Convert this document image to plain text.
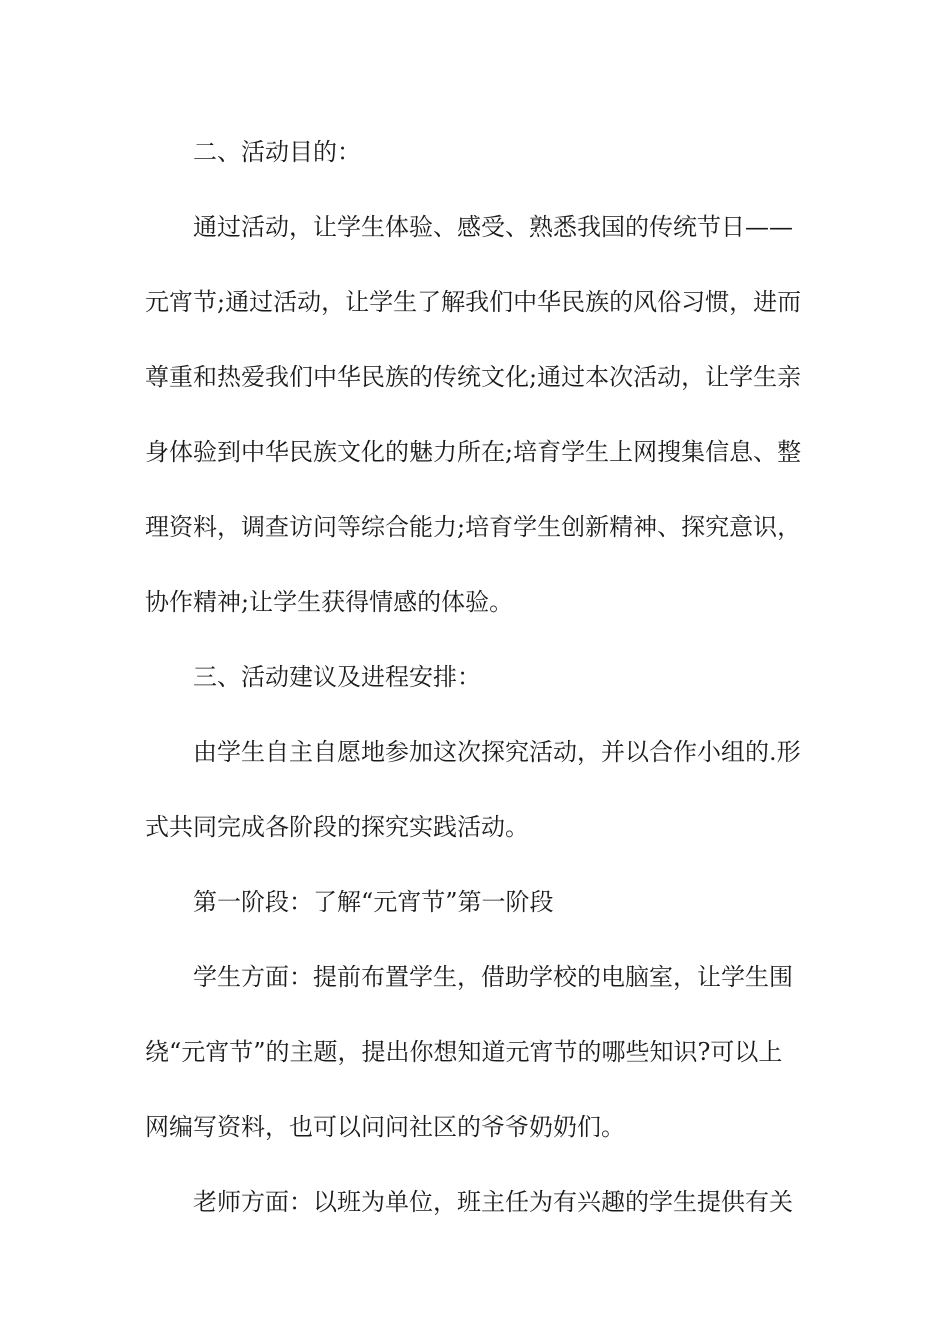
二、活动目的：
通过活动，让学生体验、感受、熟悉我国的传统节日——
元宵节;通过活动，让学生了解我们中华民族的风俗习惯，进而
尊重和热爱我们中华民族的传统文化;通过本次活动，让学生亲
身体验到中华民族文化的魅力所在;培育学生上网搜集信息、整
理资料，调查访问等综合能力;培育学生创新精神、探究意识，
协作精神;让学生获得情感的体验。
三、活动建议及进程安排：
由学生自主自愿地参加这次探究活动，并以合作小组的.形
式共同完成各阶段的探究实践活动。
第一阶段：了解“元宵节”第一阶段
学生方面：提前布置学生，借助学校的电脑室，让学生围
绕“元宵节”的主题，提出你想知道元宵节的哪些知识?可以上
网编写资料，也可以问问社区的爷爷奶奶们。
老师方面：以班为单位，班主任为有兴趣的学生提供有关
